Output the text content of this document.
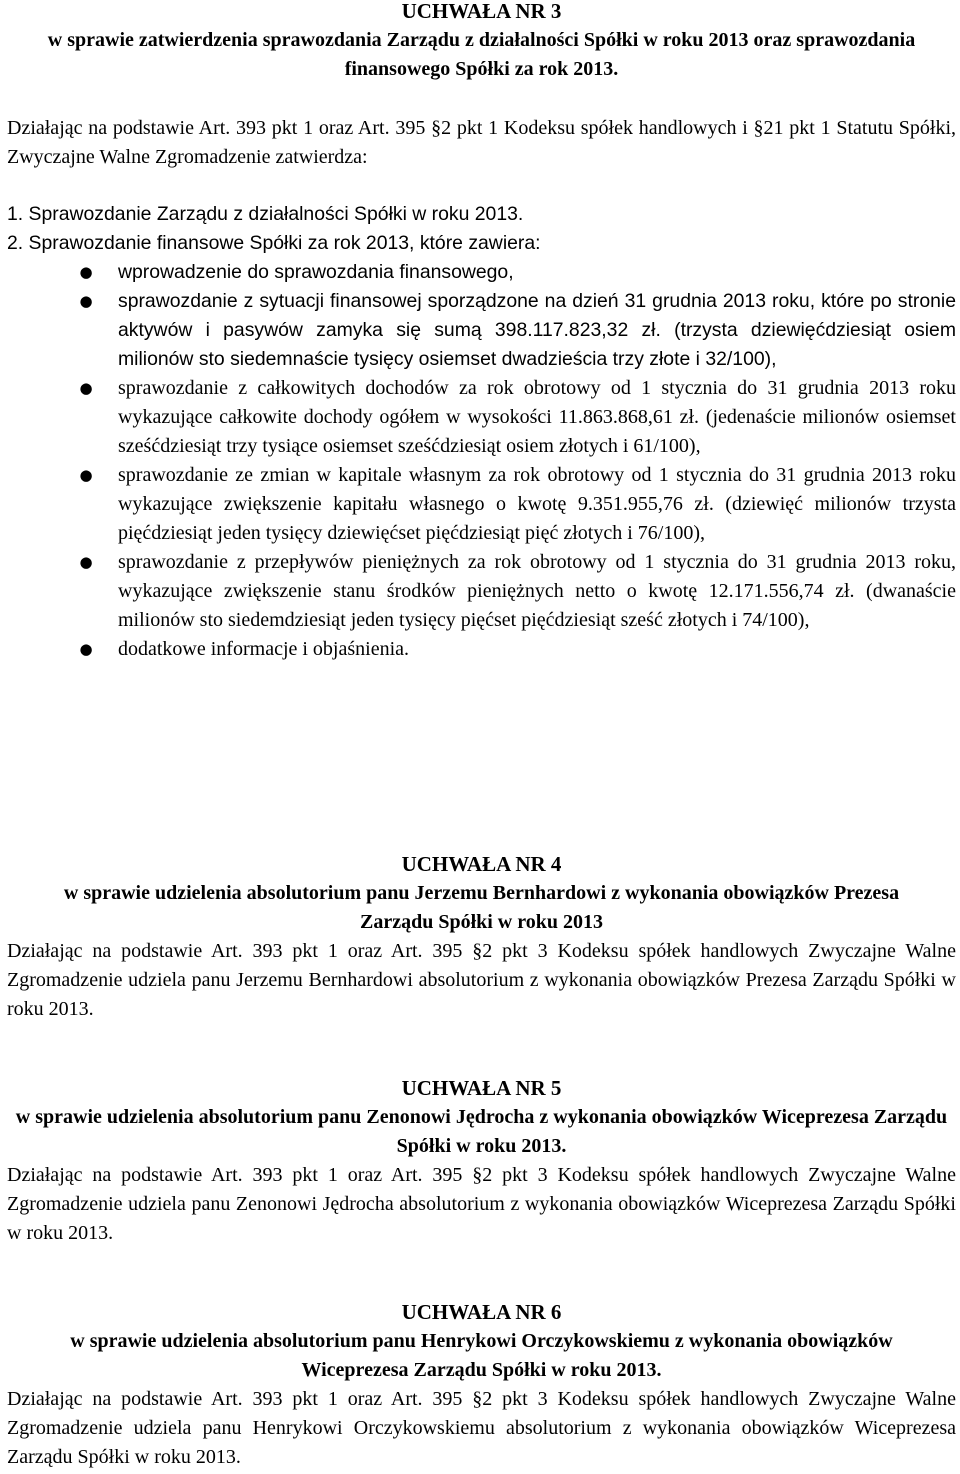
UCHWAŁA NR 3

w sprawie zatwierdzenia sprawozdania Zarządu z działalności Spółki w roku 2013 oraz sprawozdania finansowego Spółki za rok 2013.

Działając na podstawie Art. 393 pkt 1 oraz Art. 395 §2 pkt 1 Kodeksu spółek handlowych i §21 pkt 1 Statutu Spółki, Zwyczajne Walne Zgromadzenie zatwierdza:

1. Sprawozdanie Zarządu z działalności Spółki w roku 2013.
2. Sprawozdanie finansowe Spółki za rok 2013, które zawiera:
● wprowadzenie do sprawozdania finansowego,
● sprawozdanie z sytuacji finansowej sporządzone na dzień 31 grudnia 2013 roku, które po stronie aktywów i pasywów zamyka się sumą 398.117.823,32 zł. (trzysta dziewięćdziesiąt osiem milionów sto siedemnaście tysięcy osiemset dwadzieścia trzy złote i 32/100),
● sprawozdanie z całkowitych dochodów za rok obrotowy od 1 stycznia do 31 grudnia 2013 roku wykazujące całkowite dochody ogółem w wysokości 11.863.868,61 zł. (jedenaście milionów osiemset sześćdziesiąt trzy tysiące osiemset sześćdziesiąt osiem złotych i 61/100),
● sprawozdanie ze zmian w kapitale własnym za rok obrotowy od 1 stycznia do 31 grudnia 2013 roku wykazujące zwiększenie kapitału własnego o kwotę 9.351.955,76 zł. (dziewięć milionów trzysta pięćdziesiąt jeden tysięcy dziewięćset pięćdziesiąt pięć złotych i 76/100),
● sprawozdanie z przepływów pieniężnych za rok obrotowy od 1 stycznia do 31 grudnia 2013 roku, wykazujące zwiększenie stanu środków pieniężnych netto o kwotę 12.171.556,74 zł. (dwanaście milionów sto siedemdziesiąt jeden tysięcy pięćset pięćdziesiąt sześć złotych i 74/100),
● dodatkowe informacje i objaśnienia.

UCHWAŁA NR 4

w sprawie udzielenia absolutorium panu Jerzemu Bernhardowi z wykonania obowiązków Prezesa Zarządu Spółki w roku 2013

Działając na podstawie Art. 393 pkt 1 oraz Art. 395 §2 pkt 3 Kodeksu spółek handlowych Zwyczajne Walne Zgromadzenie udziela panu Jerzemu Bernhardowi absolutorium z wykonania obowiązków Prezesa Zarządu Spółki w roku 2013.

UCHWAŁA NR 5

w sprawie udzielenia absolutorium panu Zenonowi Jędrocha z wykonania obowiązków Wiceprezesa Zarządu Spółki w roku 2013.

Działając na podstawie Art. 393 pkt 1 oraz Art. 395 §2 pkt 3 Kodeksu spółek handlowych Zwyczajne Walne Zgromadzenie udziela panu Zenonowi Jędrocha absolutorium z wykonania obowiązków Wiceprezesa Zarządu Spółki w roku 2013.

UCHWAŁA NR 6

w sprawie udzielenia absolutorium panu Henrykowi Orczykowskiemu z wykonania obowiązków Wiceprezesa Zarządu Spółki w roku 2013.

Działając na podstawie Art. 393 pkt 1 oraz Art. 395 §2 pkt 3 Kodeksu spółek handlowych Zwyczajne Walne Zgromadzenie udziela panu Henrykowi Orczykowskiemu absolutorium z wykonania obowiązków Wiceprezesa Zarządu Spółki w roku 2013.
